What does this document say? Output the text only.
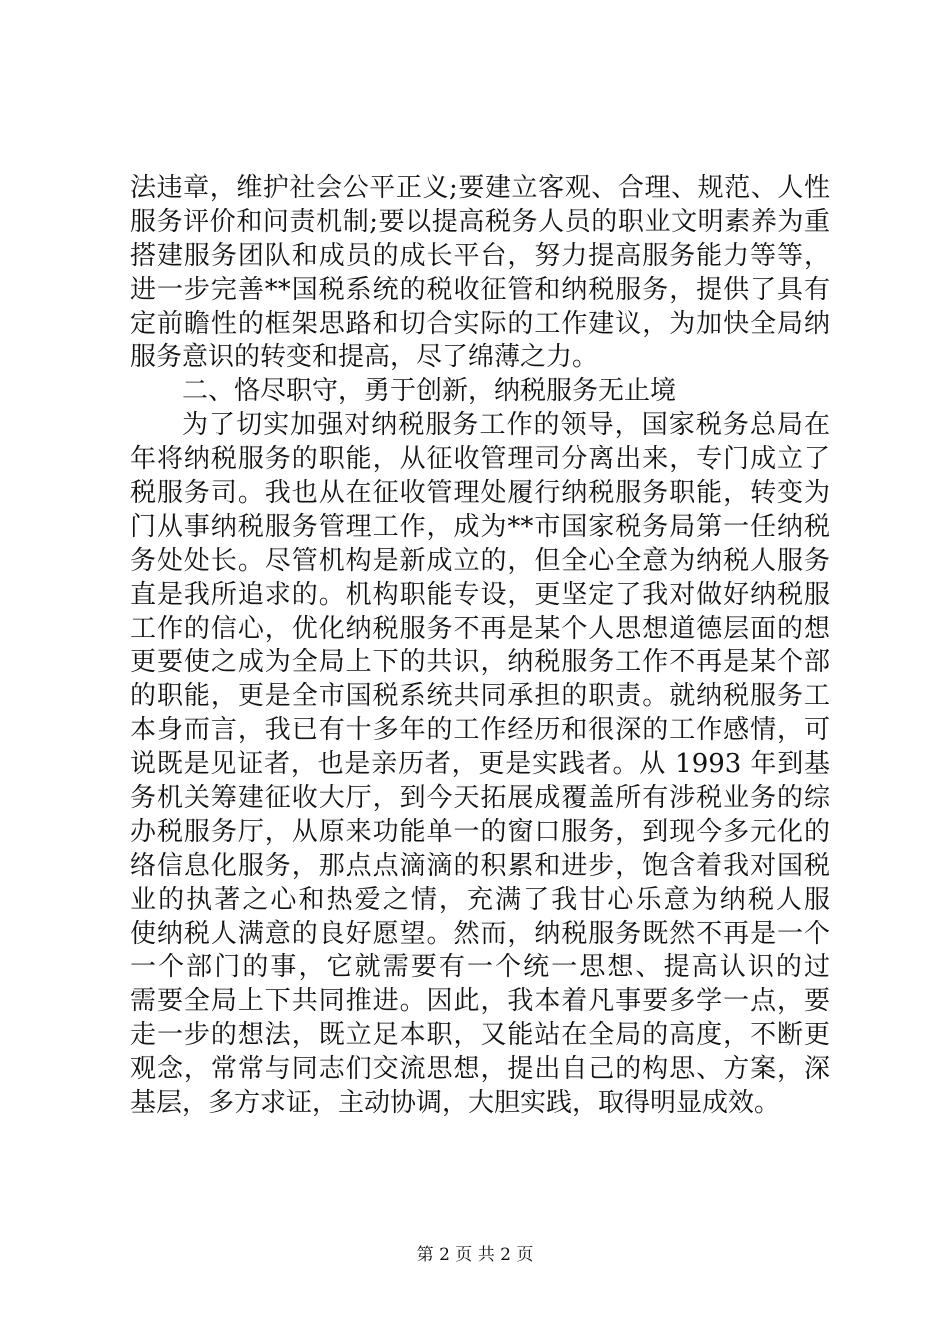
法违章，维护社会公平正义;要建立客观、合理、规范、人性
服务评价和问责机制;要以提高税务人员的职业文明素养为重
搭建服务团队和成员的成长平台，努力提高服务能力等等，
进一步完善**国税系统的税收征管和纳税服务，提供了具有
定前瞻性的框架思路和切合实际的工作建议，为加快全局纳
服务意识的转变和提高，尽了绵薄之力。
二、恪尽职守，勇于创新，纳税服务无止境
为了切实加强对纳税服务工作的领导，国家税务总局在
年将纳税服务的职能，从征收管理司分离出来，专门成立了
税服务司。我也从在征收管理处履行纳税服务职能，转变为
门从事纳税服务管理工作，成为**市国家税务局第一任纳税
务处处长。尽管机构是新成立的，但全心全意为纳税人服务
直是我所追求的。机构职能专设，更坚定了我对做好纳税服
工作的信心，优化纳税服务不再是某个人思想道德层面的想
更要使之成为全局上下的共识，纳税服务工作不再是某个部
的职能，更是全市国税系统共同承担的职责。就纳税服务工
本身而言，我已有十多年的工作经历和很深的工作感情，可
说既是见证者，也是亲历者，更是实践者。从 1993 年到基
务机关筹建征收大厅，到今天拓展成覆盖所有涉税业务的综
办税服务厅，从原来功能单一的窗口服务，到现今多元化的
络信息化服务，那点点滴滴的积累和进步，饱含着我对国税
业的执著之心和热爱之情，充满了我甘心乐意为纳税人服
使纳税人满意的良好愿望。然而，纳税服务既然不再是一个
一个部门的事，它就需要有一个统一思想、提高认识的过
需要全局上下共同推进。因此，我本着凡事要多学一点，要
走一步的想法，既立足本职，又能站在全局的高度，不断更
观念，常常与同志们交流思想，提出自己的构思、方案，深
基层，多方求证，主动协调，大胆实践，取得明显成效。
第 2 页 共 2 页
